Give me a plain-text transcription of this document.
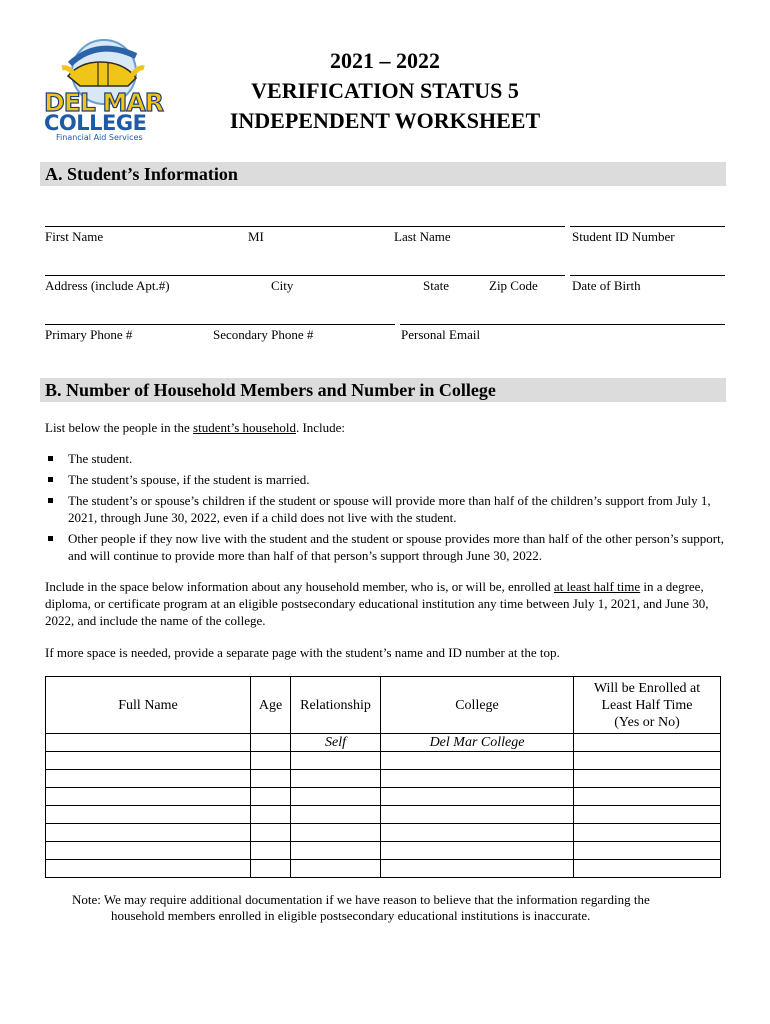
DEL MAR
COLLEGE
Financial Aid Services
2021 – 2022
VERIFICATION STATUS 5
INDEPENDENT WORKSHEET
A. Student’s Information
First Name	MI	Last Name	Student ID Number
Address (include Apt.#)	City	State	Zip Code	Date of Birth
Primary Phone #	Secondary Phone #	Personal Email
B. Number of Household Members and Number in College
List below the people in the student’s household. Include:
The student.
The student’s spouse, if the student is married.
The student’s or spouse’s children if the student or spouse will provide more than half of the children’s support from July 1, 2021, through June 30, 2022, even if a child does not live with the student.
Other people if they now live with the student and the student or spouse provides more than half of the other person’s support, and will continue to provide more than half of that person’s support through June 30, 2022.
Include in the space below information about any household member, who is, or will be, enrolled at least half time in a degree, diploma, or certificate program at an eligible postsecondary educational institution any time between July 1, 2021, and June 30, 2022, and include the name of the college.
If more space is needed, provide a separate page with the student’s name and ID number at the top.
Full Name	Age	Relationship	College	Will be Enrolled at
Least Half Time
(Yes or No)

		Self	Del Mar College	

Note: We may require additional documentation if we have reason to believe that the information regarding the
household members enrolled in eligible postsecondary educational institutions is inaccurate.
